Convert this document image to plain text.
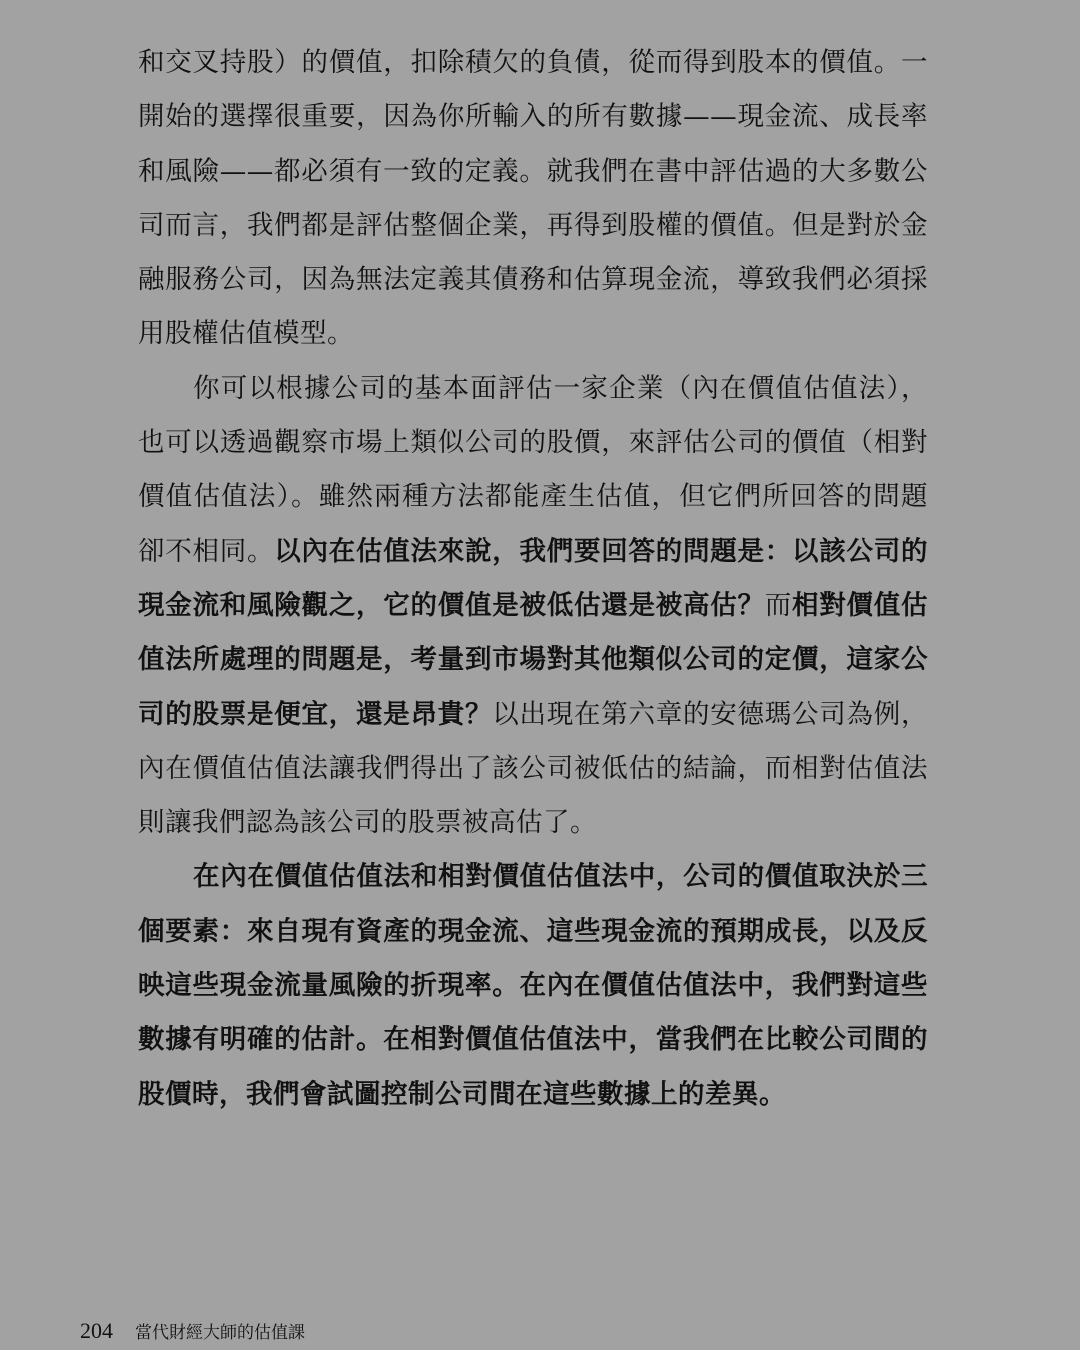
和交叉持股）的價值，扣除積欠的負債，從而得到股本的價值。一
開始的選擇很重要，因為你所輸入的所有數據——現金流、成長率
和風險——都必須有一致的定義。就我們在書中評估過的大多數公
司而言，我們都是評估整個企業，再得到股權的價值。但是對於金
融服務公司，因為無法定義其債務和估算現金流，導致我們必須採
用股權估值模型。
你可以根據公司的基本面評估一家企業（內在價值估值法），
也可以透過觀察市場上類似公司的股價，來評估公司的價值（相對
價值估值法）。雖然兩種方法都能產生估值，但它們所回答的問題
卻不相同。以內在估值法來說，我們要回答的問題是：以該公司的
現金流和風險觀之，它的價值是被低估還是被高估？而相對價值估
值法所處理的問題是，考量到市場對其他類似公司的定價，這家公
司的股票是便宜，還是昂貴？以出現在第六章的安德瑪公司為例，
內在價值估值法讓我們得出了該公司被低估的結論，而相對估值法
則讓我們認為該公司的股票被高估了。
在內在價值估值法和相對價值估值法中，公司的價值取決於三
個要素：來自現有資產的現金流、這些現金流的預期成長，以及反
映這些現金流量風險的折現率。在內在價值估值法中，我們對這些
數據有明確的估計。在相對價值估值法中，當我們在比較公司間的
股價時，我們會試圖控制公司間在這些數據上的差異。
204 當代財經大師的估值課
